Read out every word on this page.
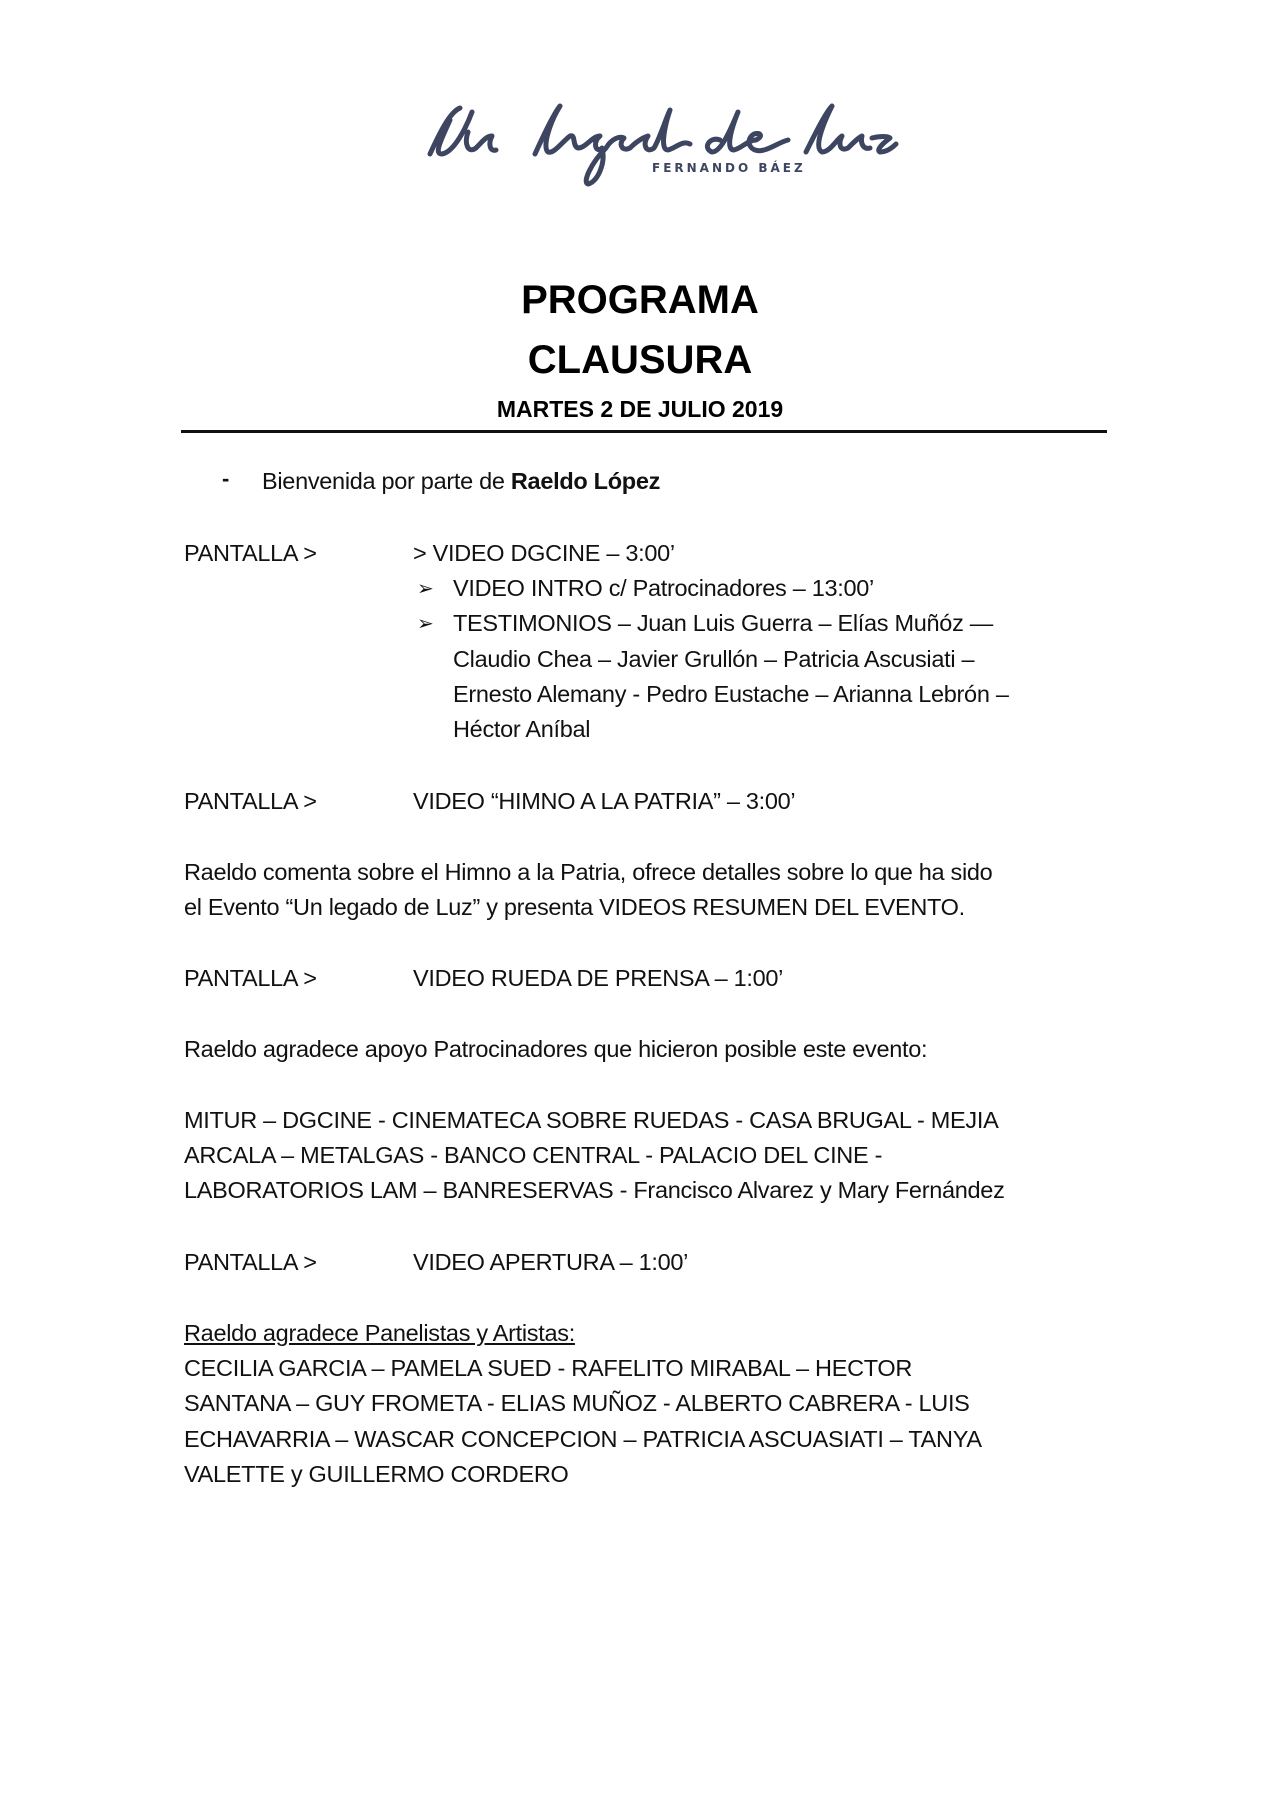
FERNANDO BÁEZ
PROGRAMA
CLAUSURA
MARTES 2 DE JULIO 2019
- Bienvenida por parte de Raeldo López
PANTALLA >	> VIDEO DGCINE – 3:00’
➢ VIDEO INTRO c/ Patrocinadores – 13:00’
➢ TESTIMONIOS – Juan Luis Guerra – Elías Muñóz —
Claudio Chea – Javier Grullón – Patricia Ascusiati –
Ernesto Alemany - Pedro Eustache – Arianna Lebrón –
Héctor Aníbal
PANTALLA >	VIDEO “HIMNO A LA PATRIA” – 3:00’
Raeldo comenta sobre el Himno a la Patria, ofrece detalles sobre lo que ha sido
el Evento “Un legado de Luz” y presenta VIDEOS RESUMEN DEL EVENTO.
PANTALLA >	VIDEO RUEDA DE PRENSA – 1:00’
Raeldo agradece apoyo Patrocinadores que hicieron posible este evento:
MITUR – DGCINE - CINEMATECA SOBRE RUEDAS - CASA BRUGAL - MEJIA
ARCALA – METALGAS - BANCO CENTRAL - PALACIO DEL CINE -
LABORATORIOS LAM – BANRESERVAS - Francisco Alvarez y Mary Fernández
PANTALLA >	VIDEO APERTURA – 1:00’
Raeldo agradece Panelistas y Artistas:
CECILIA GARCIA – PAMELA SUED - RAFELITO MIRABAL – HECTOR
SANTANA – GUY FROMETA - ELIAS MUÑOZ - ALBERTO CABRERA - LUIS
ECHAVARRIA – WASCAR CONCEPCION – PATRICIA ASCUASIATI – TANYA
VALETTE y GUILLERMO CORDERO
